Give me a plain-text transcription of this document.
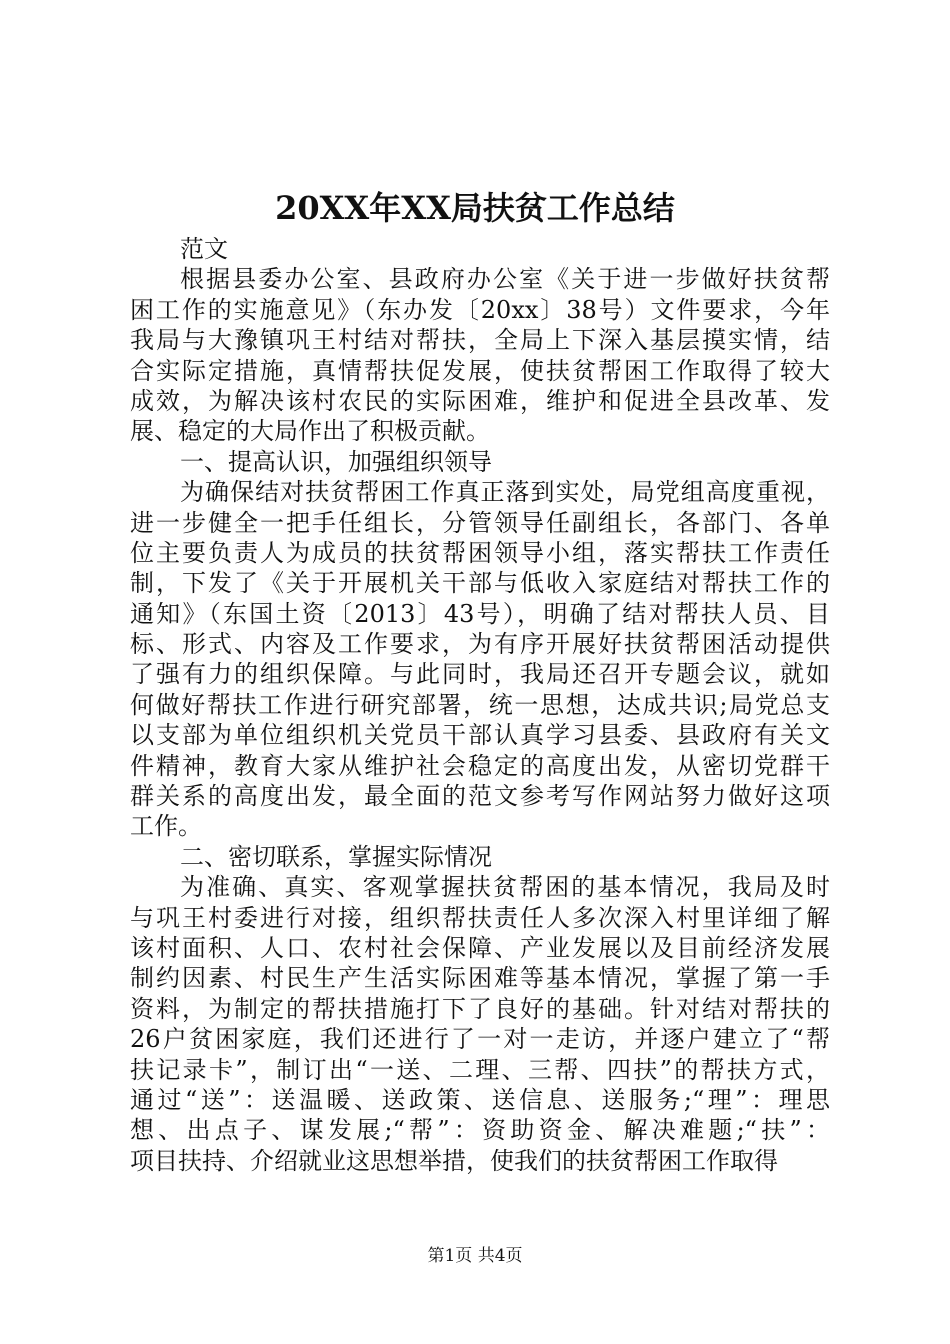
20XX年XX局扶贫工作总结
范文
根据县委办公室、县政府办公室《关于进一步做好扶贫帮
困工作的实施意见》（东办发〔20xx〕38号）文件要求，今年
我局与大豫镇巩王村结对帮扶，全局上下深入基层摸实情，结
合实际定措施，真情帮扶促发展，使扶贫帮困工作取得了较大
成效，为解决该村农民的实际困难，维护和促进全县改革、发
展、稳定的大局作出了积极贡献。
一、提高认识，加强组织领导
为确保结对扶贫帮困工作真正落到实处，局党组高度重视，
进一步健全一把手任组长，分管领导任副组长，各部门、各单
位主要负责人为成员的扶贫帮困领导小组，落实帮扶工作责任
制，下发了《关于开展机关干部与低收入家庭结对帮扶工作的
通知》（东国土资〔2013〕43号），明确了结对帮扶人员、目
标、形式、内容及工作要求，为有序开展好扶贫帮困活动提供
了强有力的组织保障。与此同时，我局还召开专题会议，就如
何做好帮扶工作进行研究部署，统一思想，达成共识;局党总支
以支部为单位组织机关党员干部认真学习县委、县政府有关文
件精神，教育大家从维护社会稳定的高度出发，从密切党群干
群关系的高度出发，最全面的范文参考写作网站努力做好这项
工作。
二、密切联系，掌握实际情况
为准确、真实、客观掌握扶贫帮困的基本情况，我局及时
与巩王村委进行对接，组织帮扶责任人多次深入村里详细了解
该村面积、人口、农村社会保障、产业发展以及目前经济发展
制约因素、村民生产生活实际困难等基本情况，掌握了第一手
资料，为制定的帮扶措施打下了良好的基础。针对结对帮扶的
26户贫困家庭，我们还进行了一对一走访，并逐户建立了“帮
扶记录卡”，制订出“一送、二理、三帮、四扶”的帮扶方式，
通过“送”：送温暖、送政策、送信息、送服务;“理”：理思
想、出点子、谋发展;“帮”：资助资金、解决难题;“扶”：
项目扶持、介绍就业这思想举措，使我们的扶贫帮困工作取得
第1页 共4页
